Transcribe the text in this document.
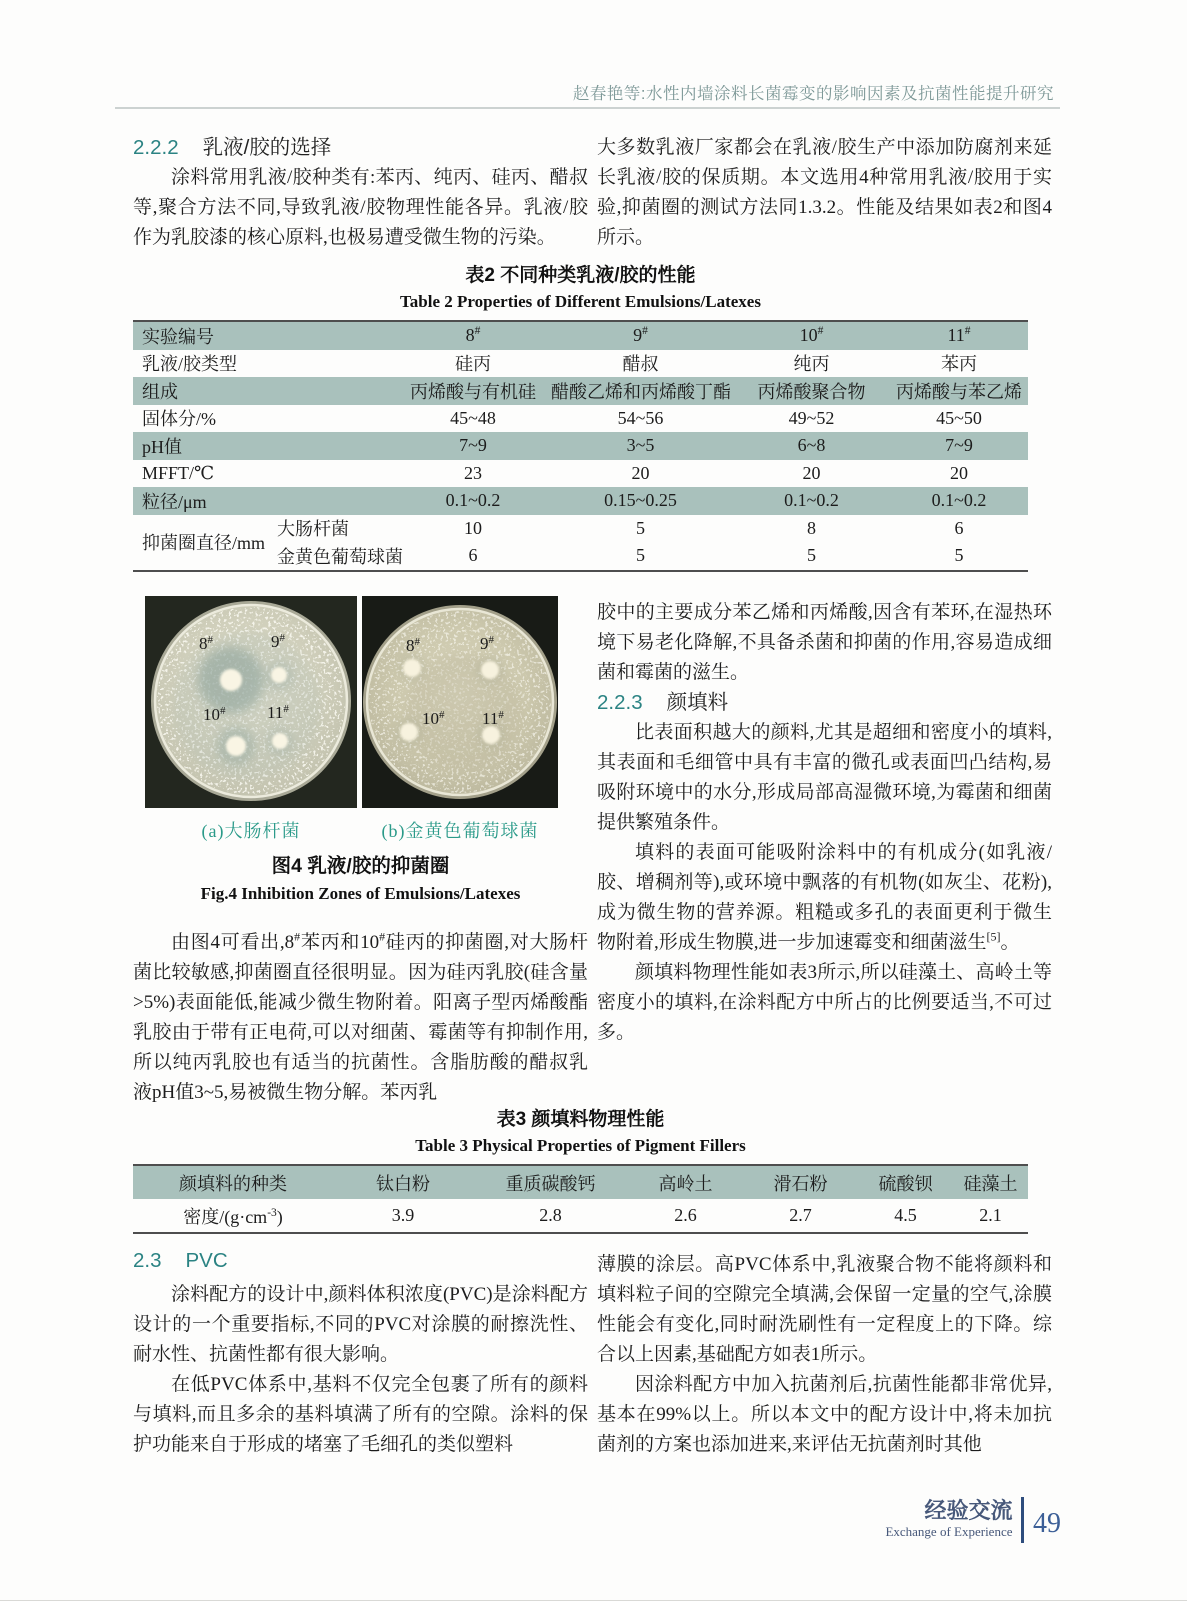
赵春艳等:水性内墙涂料长菌霉变的影响因素及抗菌性能提升研究
2.2.2 乳液/胶的选择

涂料常用乳液/胶种类有:苯丙、纯丙、硅丙、醋叔等,聚合方法不同,导致乳液/胶物理性能各异。乳液/胶作为乳胶漆的核心原料,也极易遭受微生物的污染。

大多数乳液厂家都会在乳液/胶生产中添加防腐剂来延长乳液/胶的保质期。本文选用4种常用乳液/胶用于实验,抑菌圈的测试方法同1.3.2。性能及结果如表2和图4所示。

表2 不同种类乳液/胶的性能
Table 2 Properties of Different Emulsions/Latexes
实验编号		8#	9#	10#	11#
乳液/胶类型		硅丙	醋叔	纯丙	苯丙
组成		丙烯酸与有机硅	醋酸乙烯和丙烯酸丁酯	丙烯酸聚合物	丙烯酸与苯乙烯
固体分/%		45~48	54~56	49~52	45~50
pH值		7~9	3~5	6~8	7~9
MFFT/℃		23	20	20	20
粒径/μm		0.1~0.2	0.15~0.25	0.1~0.2	0.1~0.2
抑菌圈直径/mm	大肠杆菌	10	5	8	6
	金黄色葡萄球菌	6	5	5	5
8#	9#
10# 11#
8#	9#
10# 11#
(a)大肠杆菌	(b)金黄色葡萄球菌
图4 乳液/胶的抑菌圈
Fig.4 Inhibition Zones of Emulsions/Latexes

由图4可看出,8#苯丙和10#硅丙的抑菌圈,对大肠杆菌比较敏感,抑菌圈直径很明显。因为硅丙乳胶(硅含量>5%)表面能低,能减少微生物附着。阳离子型丙烯酸酯乳胶由于带有正电荷,可以对细菌、霉菌等有抑制作用,所以纯丙乳胶也有适当的抗菌性。含脂肪酸的醋叔乳液pH值3~5,易被微生物分解。苯丙乳

胶中的主要成分苯乙烯和丙烯酸,因含有苯环,在湿热环境下易老化降解,不具备杀菌和抑菌的作用,容易造成细菌和霉菌的滋生。

2.2.3 颜填料

比表面积越大的颜料,尤其是超细和密度小的填料,其表面和毛细管中具有丰富的微孔或表面凹凸结构,易吸附环境中的水分,形成局部高湿微环境,为霉菌和细菌提供繁殖条件。

填料的表面可能吸附涂料中的有机成分(如乳液/胶、增稠剂等),或环境中飘落的有机物(如灰尘、花粉),成为微生物的营养源。粗糙或多孔的表面更利于微生物附着,形成生物膜,进一步加速霉变和细菌滋生[5]。

颜填料物理性能如表3所示,所以硅藻土、高岭土等密度小的填料,在涂料配方中所占的比例要适当,不可过多。

表3 颜填料物理性能
Table 3 Physical Properties of Pigment Fillers
颜填料的种类	钛白粉	重质碳酸钙	高岭土	滑石粉	硫酸钡	硅藻土
密度$/(g\cdot cm^{-3})$	3.9	2.8	2.6	2.7	4.5	2.1
2.3 PVC

涂料配方的设计中,颜料体积浓度(PVC)是涂料配方设计的一个重要指标,不同的PVC对涂膜的耐擦洗性、耐水性、抗菌性都有很大影响。

在低PVC体系中,基料不仅完全包裹了所有的颜料与填料,而且多余的基料填满了所有的空隙。涂料的保护功能来自于形成的堵塞了毛细孔的类似塑料

薄膜的涂层。高PVC体系中,乳液聚合物不能将颜料和填料粒子间的空隙完全填满,会保留一定量的空气,涂膜性能会有变化,同时耐洗刷性有一定程度上的下降。综合以上因素,基础配方如表1所示。

因涂料配方中加入抗菌剂后,抗菌性能都非常优异,基本在99%以上。所以本文中的配方设计中,将未加抗菌剂的方案也添加进来,来评估无抗菌剂时其他

经验交流
Exchange of Experience 49
